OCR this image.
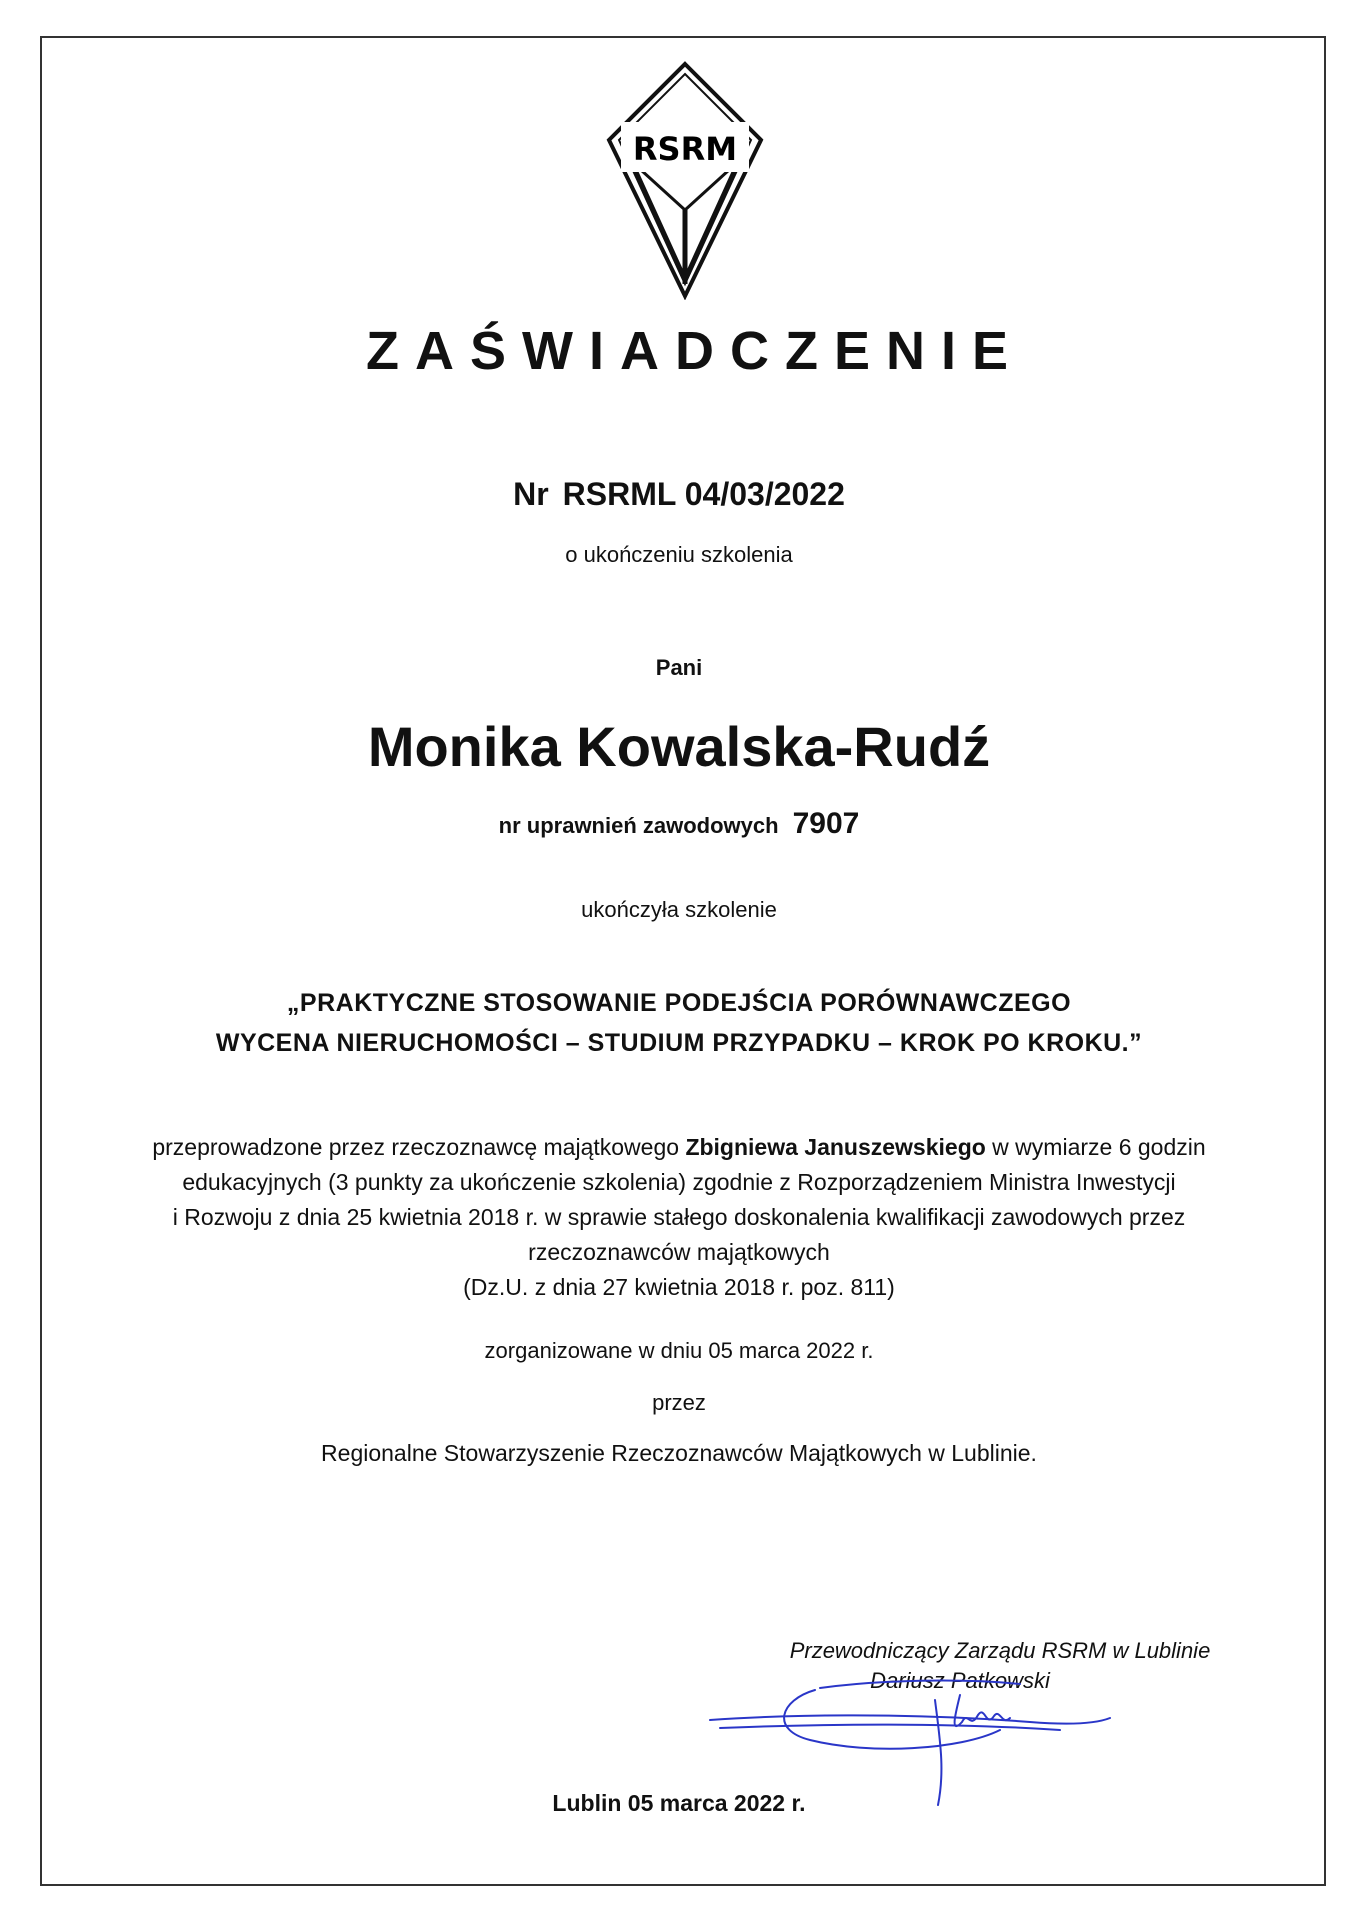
RSRM
ZAŚWIADCZENIE
Nr RSRML 04/03/2022
o ukończeniu szkolenia
Pani
Monika Kowalska-Rudź
nr uprawnień zawodowych 7907
ukończyła szkolenie
„PRAKTYCZNE STOSOWANIE PODEJŚCIA PORÓWNAWCZEGO
WYCENA NIERUCHOMOŚCI – STUDIUM PRZYPADKU – KROK PO KROKU.”
przeprowadzone przez rzeczoznawcę majątkowego Zbigniewa Januszewskiego w wymiarze 6 godzin
edukacyjnych (3 punkty za ukończenie szkolenia) zgodnie z Rozporządzeniem Ministra Inwestycji
i Rozwoju z dnia 25 kwietnia 2018 r. w sprawie stałego doskonalenia kwalifikacji zawodowych przez
rzeczoznawców majątkowych
(Dz.U. z dnia 27 kwietnia 2018 r. poz. 811)
zorganizowane w dniu 05 marca 2022 r.
przez
Regionalne Stowarzyszenie Rzeczoznawców Majątkowych w Lublinie.
Przewodniczący Zarządu RSRM w Lublinie
Dariusz Patkowski
Lublin 05 marca 2022 r.
